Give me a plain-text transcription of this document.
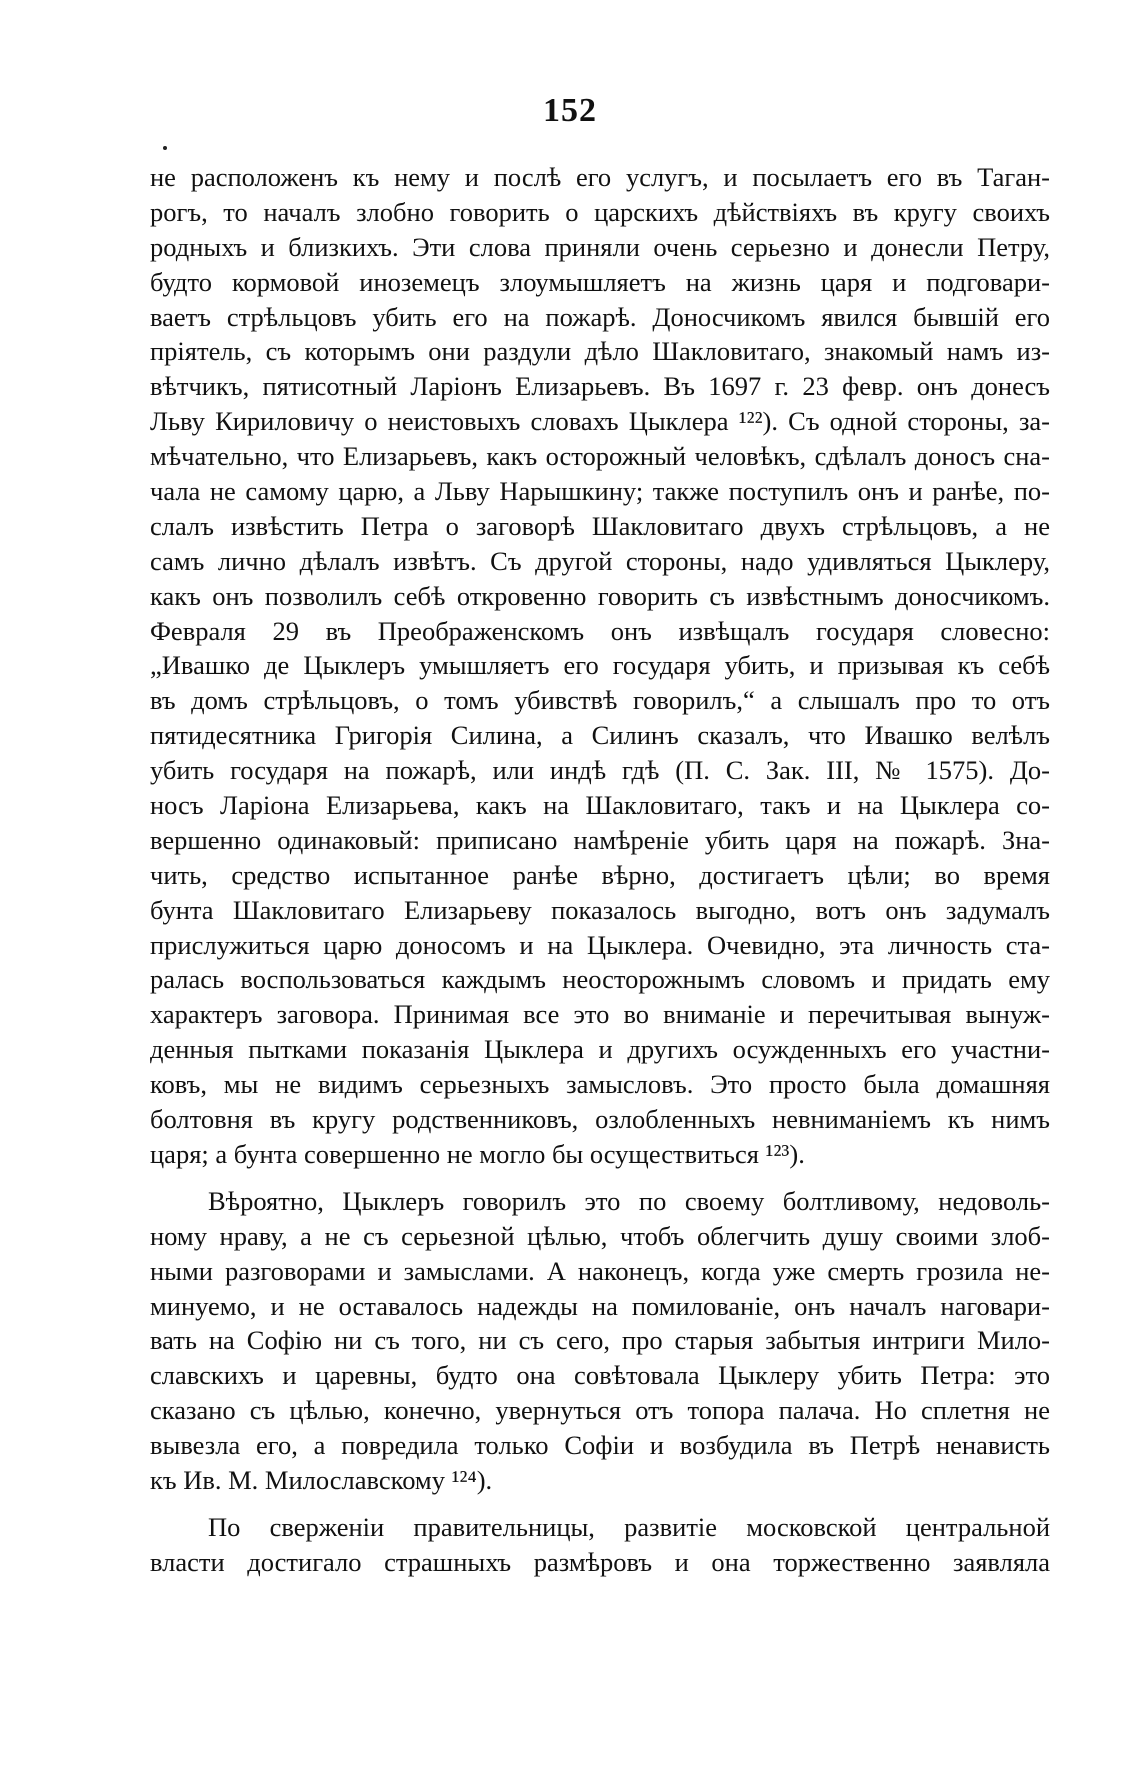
152
не расположенъ къ нему и послѣ его услугъ, и посылаетъ его въ Таган-
рогъ, то началъ злобно говорить о царскихъ дѣйствіяхъ въ кругу своихъ
родныхъ и близкихъ. Эти слова приняли очень серьезно и донесли Петру,
будто кормовой иноземецъ злоумышляетъ на жизнь царя и подговари-
ваетъ стрѣльцовъ убить его на пожарѣ. Доносчикомъ явился бывшій его
пріятель, съ которымъ они раздули дѣло Шакловитаго, знакомый намъ из-
вѣтчикъ, пятисотный Ларіонъ Елизарьевъ. Въ 1697 г. 23 февр. онъ донесъ
Льву Кириловичу о неистовыхъ словахъ Цыклера ¹²²). Съ одной стороны, за-
мѣчательно, что Елизарьевъ, какъ осторожный человѣкъ, сдѣлалъ доносъ сна-
чала не самому царю, а Льву Нарышкину; также поступилъ онъ и ранѣе, по-
слалъ извѣстить Петра о заговорѣ Шакловитаго двухъ стрѣльцовъ, а не
самъ лично дѣлалъ извѣтъ. Съ другой стороны, надо удивляться Цыклеру,
какъ онъ позволилъ себѣ откровенно говорить съ извѣстнымъ доносчикомъ.
Февраля 29 въ Преображенскомъ онъ извѣщалъ государя словесно:
„Ивашко де Цыклеръ умышляетъ его государя убить, и призывая къ себѣ
въ домъ стрѣльцовъ, о томъ убивствѣ говорилъ,“ а слышалъ про то отъ
пятидесятника Григорія Силина, а Силинъ сказалъ, что Ивашко велѣлъ
убить государя на пожарѣ, или индѣ гдѣ (П. С. Зак. III, № 1575). До-
носъ Ларіона Елизарьева, какъ на Шакловитаго, такъ и на Цыклера со-
вершенно одинаковый: приписано намѣреніе убить царя на пожарѣ. Зна-
чить, средство испытанное ранѣе вѣрно, достигаетъ цѣли; во время
бунта Шакловитаго Елизарьеву показалось выгодно, вотъ онъ задумалъ
прислужиться царю доносомъ и на Цыклера. Очевидно, эта личность ста-
ралась воспользоваться каждымъ неосторожнымъ словомъ и придать ему
характеръ заговора. Принимая все это во вниманіе и перечитывая вынуж-
денныя пытками показанія Цыклера и другихъ осужденныхъ его участни-
ковъ, мы не видимъ серьезныхъ замысловъ. Это просто была домашняя
болтовня въ кругу родственниковъ, озлобленныхъ невниманіемъ къ нимъ
царя; а бунта совершенно не могло бы осуществиться ¹²³).
Вѣроятно, Цыклеръ говорилъ это по своему болтливому, недоволь-
ному нраву, а не съ серьезной цѣлью, чтобъ облегчить душу своими злоб-
ными разговорами и замыслами. А наконецъ, когда уже смерть грозила не-
минуемо, и не оставалось надежды на помилованіе, онъ началъ наговари-
вать на Софію ни съ того, ни съ сего, про старыя забытыя интриги Мило-
славскихъ и царевны, будто она совѣтовала Цыклеру убить Петра: это
сказано съ цѣлью, конечно, увернуться отъ топора палача. Но сплетня не
вывезла его, а повредила только Софіи и возбудила въ Петрѣ ненависть
къ Ив. М. Милославскому ¹²⁴).
По сверженіи правительницы, развитіе московской центральной
власти достигало страшныхъ размѣровъ и она торжественно заявляла
